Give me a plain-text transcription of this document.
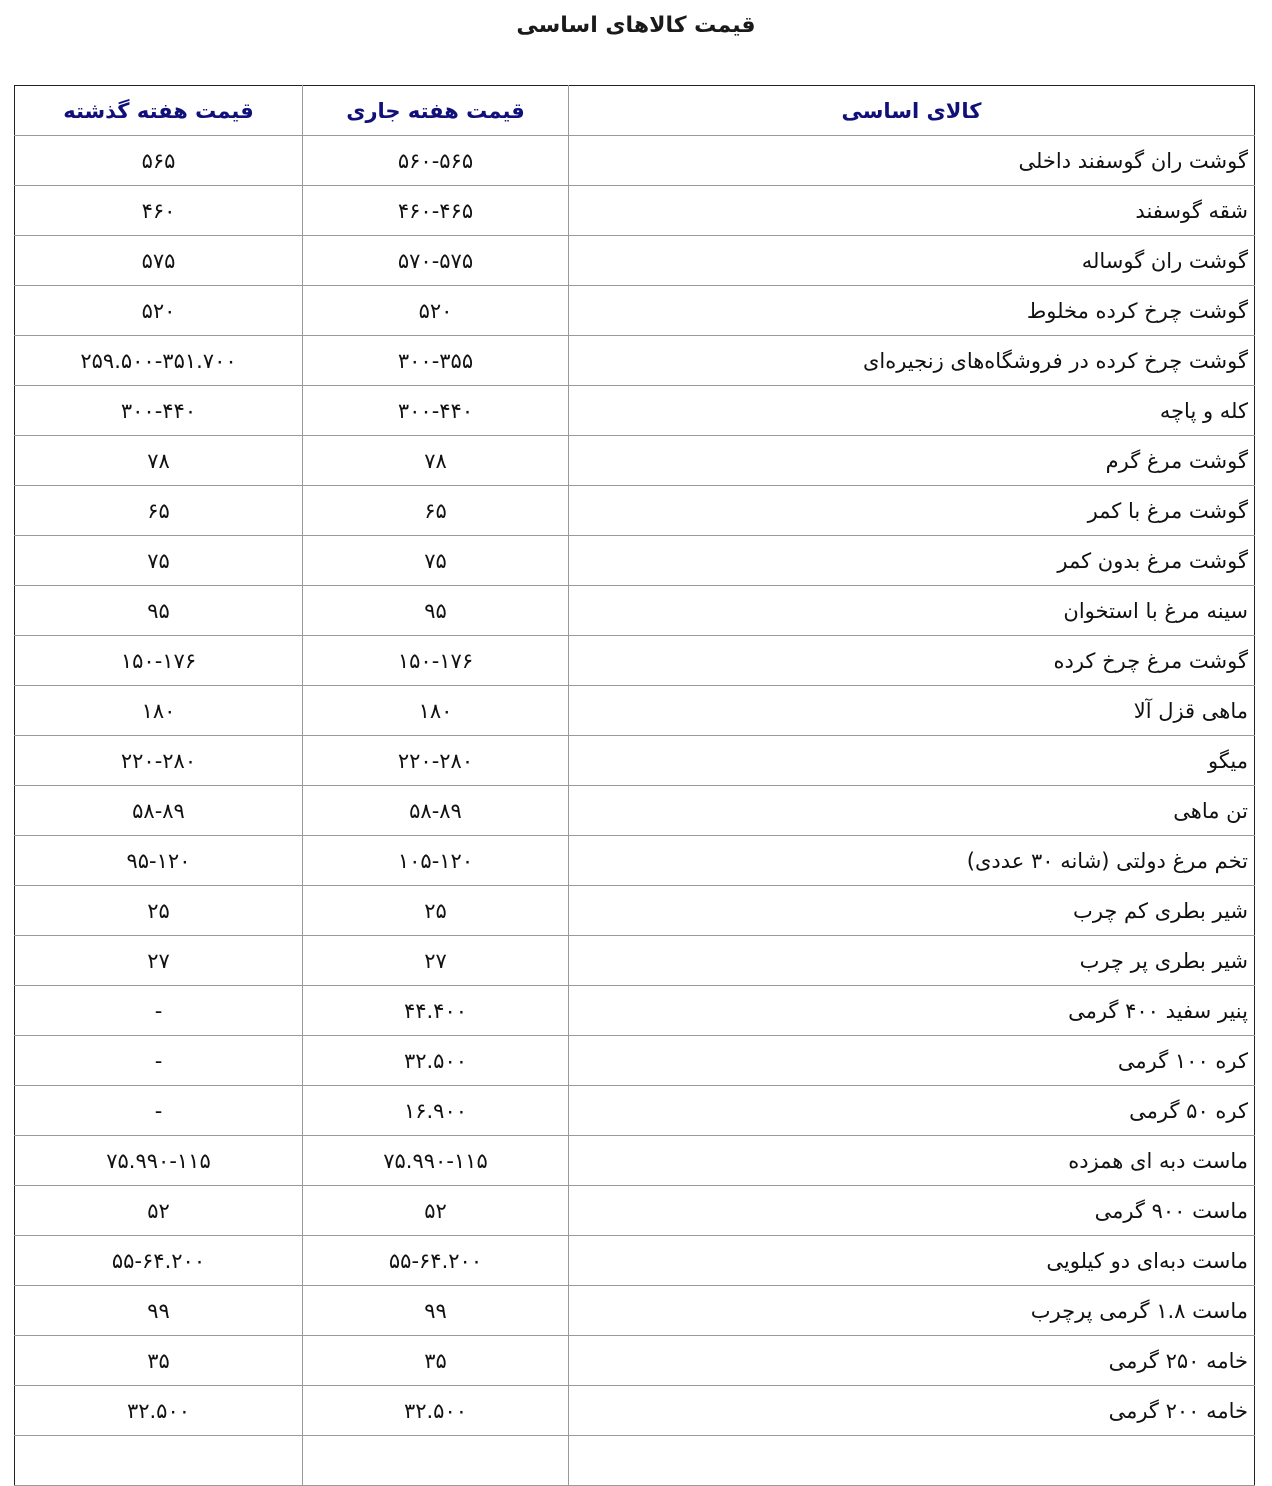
قیمت کالاهای اساسی
کالای اساسی	قیمت هفته جاری	قیمت هفته گذشته
گوشت ران گوسفند داخلی	۵۶۰-۵۶۵	۵۶۵
شقه گوسفند	۴۶۰-۴۶۵	۴۶۰
گوشت ران گوساله	۵۷۰-۵۷۵	۵۷۵
گوشت چرخ کرده مخلوط	۵۲۰	۵۲۰
گوشت چرخ کرده در فروشگاه‌های زنجیره‌ای	۳۰۰-۳۵۵	۲۵۹.۵۰۰-۳۵۱.۷۰۰
کله و پاچه	۳۰۰-۴۴۰	۳۰۰-۴۴۰
گوشت مرغ گرم	۷۸	۷۸
گوشت مرغ با کمر	۶۵	۶۵
گوشت مرغ بدون کمر	۷۵	۷۵
سینه مرغ با استخوان	۹۵	۹۵
گوشت مرغ چرخ کرده	۱۵۰-۱۷۶	۱۵۰-۱۷۶
ماهی قزل آلا	۱۸۰	۱۸۰
میگو	۲۲۰-۲۸۰	۲۲۰-۲۸۰
تن ماهی	۵۸-۸۹	۵۸-۸۹
تخم مرغ دولتی (شانه ۳۰ عددی)	۱۰۵-۱۲۰	۹۵-۱۲۰
شیر بطری کم چرب	۲۵	۲۵
شیر بطری پر چرب	۲۷	۲۷
پنیر سفید ۴۰۰ گرمی	۴۴.۴۰۰	-
کره ۱۰۰ گرمی	۳۲.۵۰۰	-
کره ۵۰ گرمی	۱۶.۹۰۰	-
ماست دبه ای همزده	۷۵.۹۹۰-۱۱۵	۷۵.۹۹۰-۱۱۵
ماست ۹۰۰ گرمی	۵۲	۵۲
ماست دبه‌ای دو کیلویی	۵۵-۶۴.۲۰۰	۵۵-۶۴.۲۰۰
ماست ۱.۸ گرمی پرچرب	۹۹	۹۹
خامه ۲۵۰ گرمی	۳۵	۳۵
خامه ۲۰۰ گرمی	۳۲.۵۰۰	۳۲.۵۰۰
